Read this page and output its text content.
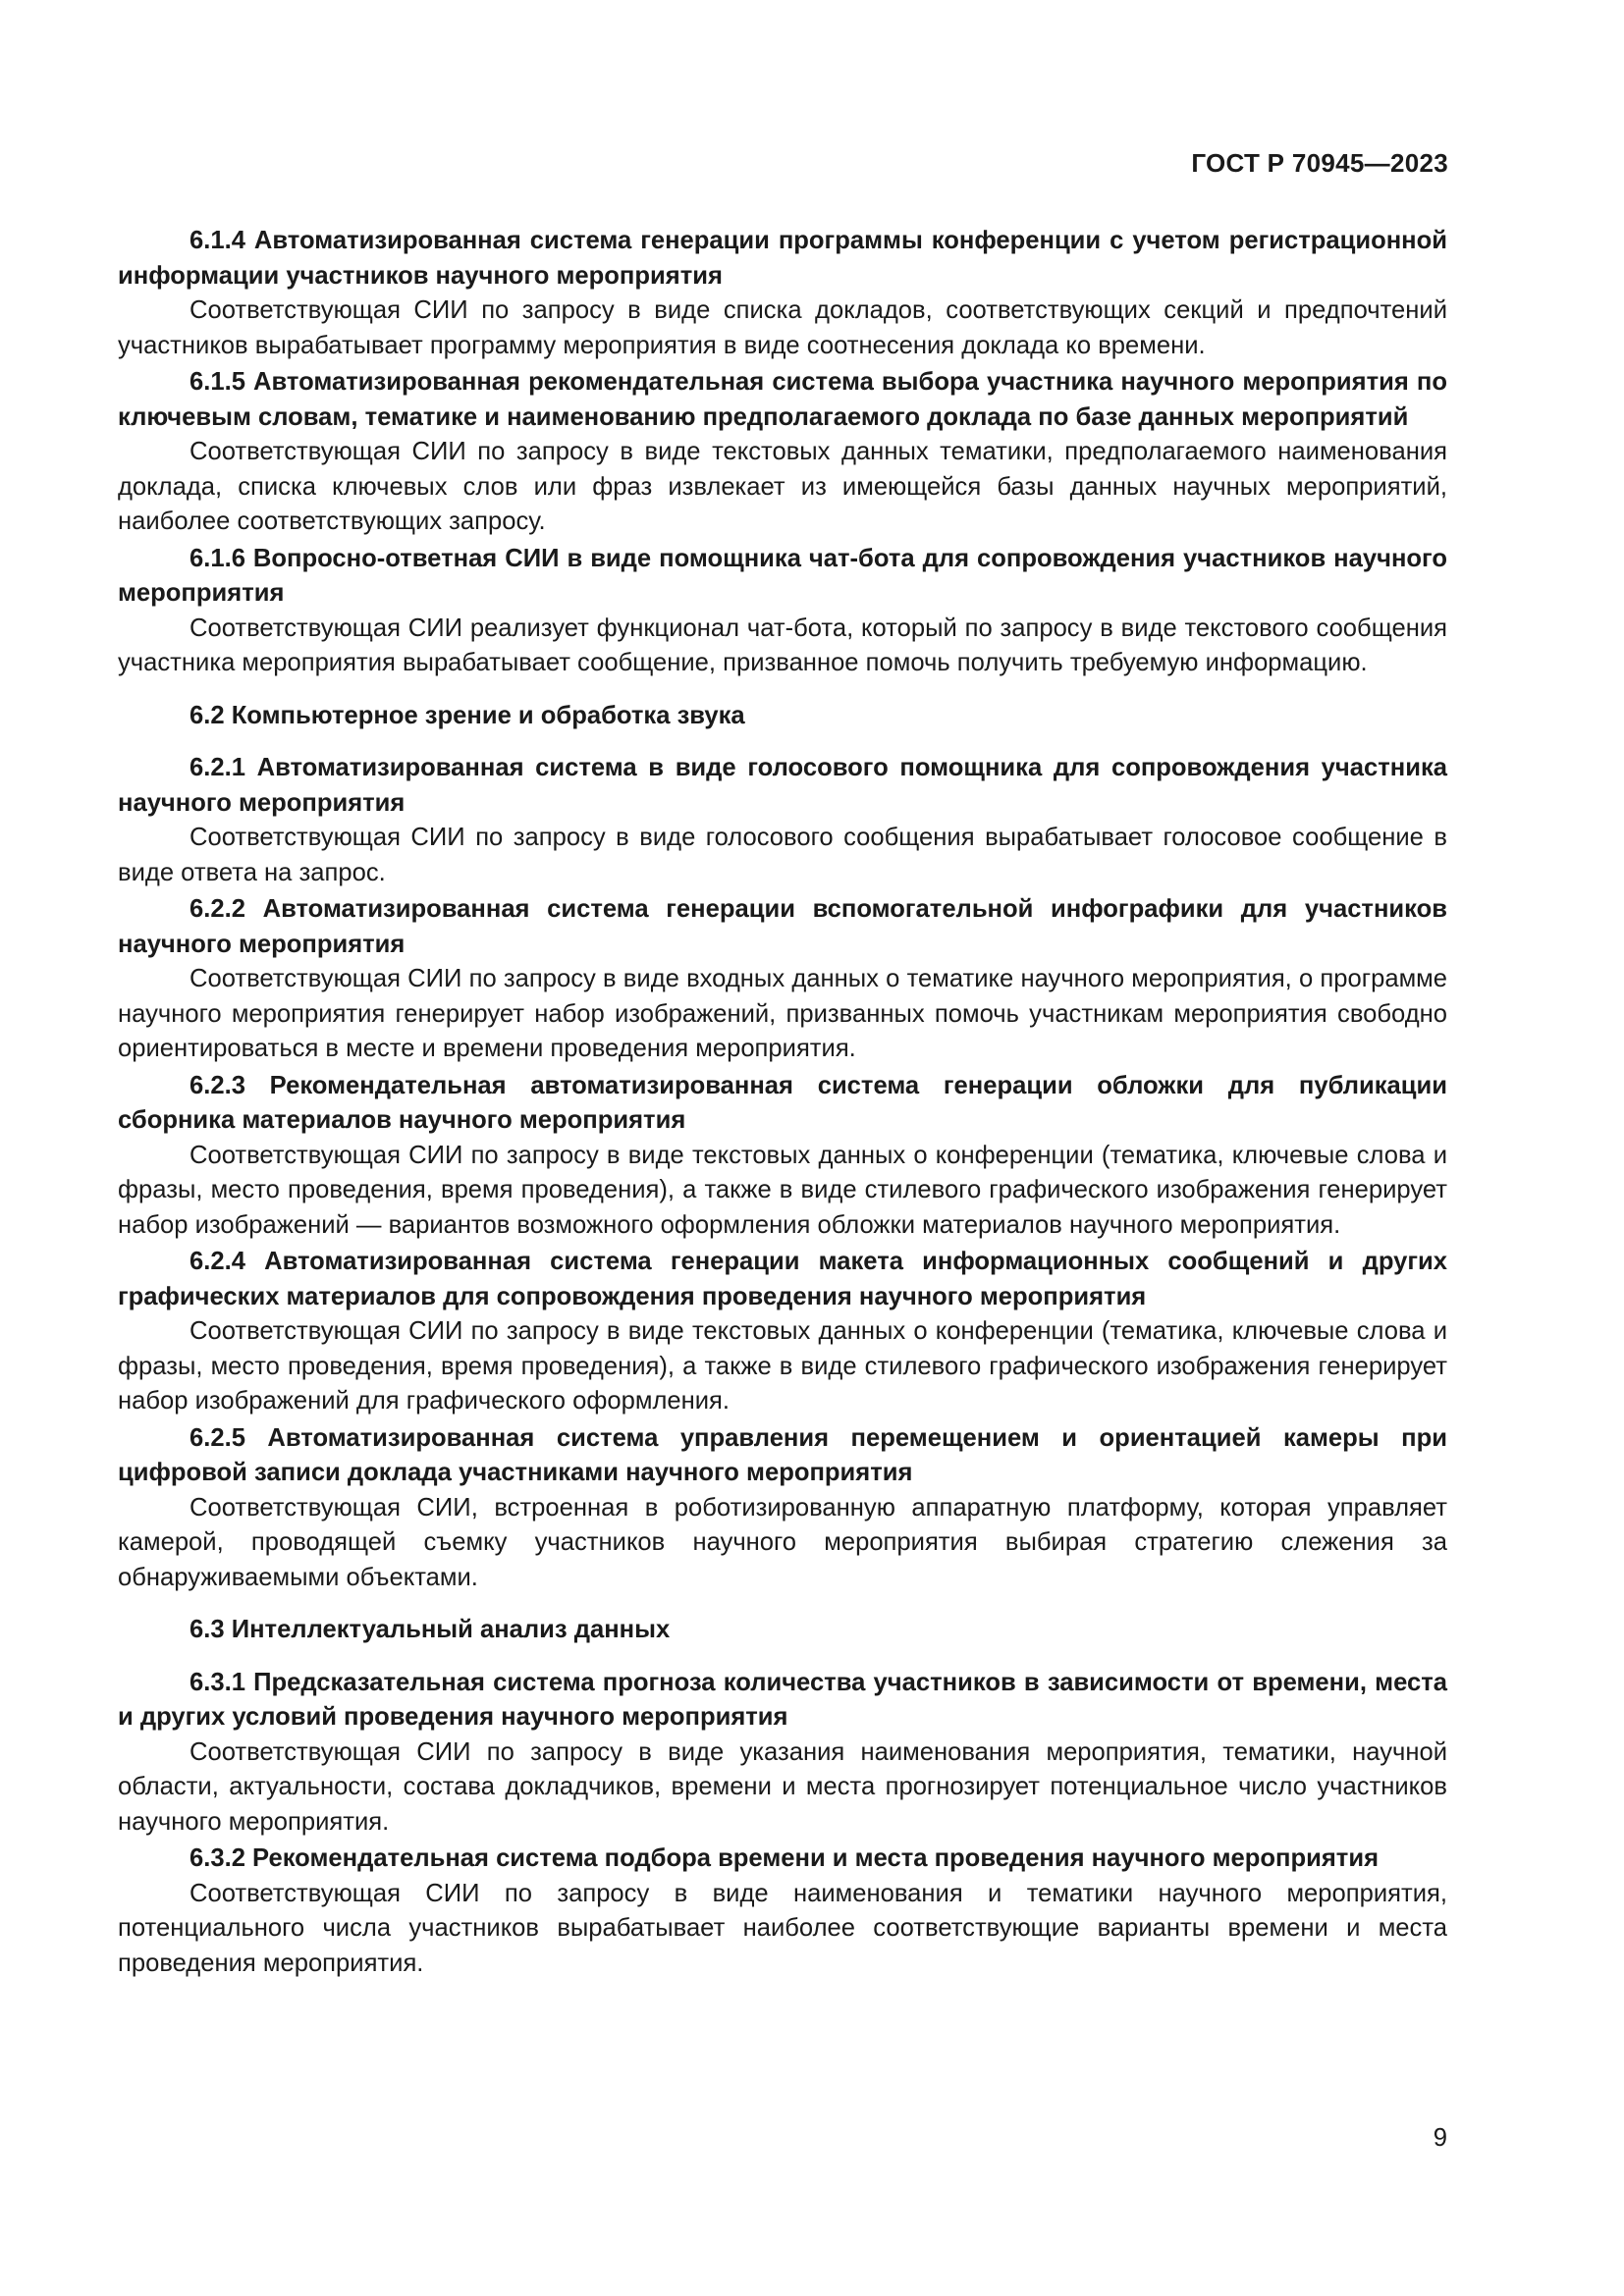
ГОСТ Р 70945—2023

6.1.4 Автоматизированная система генерации программы конференции с учетом регистрационной информации участников научного мероприятия

Соответствующая СИИ по запросу в виде списка докладов, соответствующих секций и предпочтений участников вырабатывает программу мероприятия в виде соотнесения доклада ко времени.

6.1.5 Автоматизированная рекомендательная система выбора участника научного мероприятия по ключевым словам, тематике и наименованию предполагаемого доклада по базе данных мероприятий

Соответствующая СИИ по запросу в виде текстовых данных тематики, предполагаемого наименования доклада, списка ключевых слов или фраз извлекает из имеющейся базы данных научных мероприятий, наиболее соответствующих запросу.

6.1.6 Вопросно-ответная СИИ в виде помощника чат-бота для сопровождения участников научного мероприятия

Соответствующая СИИ реализует функционал чат-бота, который по запросу в виде текстового сообщения участника мероприятия вырабатывает сообщение, призванное помочь получить требуемую информацию.

6.2 Компьютерное зрение и обработка звука

6.2.1 Автоматизированная система в виде голосового помощника для сопровождения участника научного мероприятия

Соответствующая СИИ по запросу в виде голосового сообщения вырабатывает голосовое сообщение в виде ответа на запрос.

6.2.2 Автоматизированная система генерации вспомогательной инфографики для участников научного мероприятия

Соответствующая СИИ по запросу в виде входных данных о тематике научного мероприятия, о программе научного мероприятия генерирует набор изображений, призванных помочь участникам мероприятия свободно ориентироваться в месте и времени проведения мероприятия.

6.2.3 Рекомендательная автоматизированная система генерации обложки для публикации сборника материалов научного мероприятия

Соответствующая СИИ по запросу в виде текстовых данных о конференции (тематика, ключевые слова и фразы, место проведения, время проведения), а также в виде стилевого графического изображения генерирует набор изображений — вариантов возможного оформления обложки материалов научного мероприятия.

6.2.4 Автоматизированная система генерации макета информационных сообщений и других графических материалов для сопровождения проведения научного мероприятия

Соответствующая СИИ по запросу в виде текстовых данных о конференции (тематика, ключевые слова и фразы, место проведения, время проведения), а также в виде стилевого графического изображения генерирует набор изображений для графического оформления.

6.2.5 Автоматизированная система управления перемещением и ориентацией камеры при цифровой записи доклада участниками научного мероприятия

Соответствующая СИИ, встроенная в роботизированную аппаратную платформу, которая управляет камерой, проводящей съемку участников научного мероприятия выбирая стратегию слежения за обнаруживаемыми объектами.

6.3 Интеллектуальный анализ данных

6.3.1 Предсказательная система прогноза количества участников в зависимости от времени, места и других условий проведения научного мероприятия

Соответствующая СИИ по запросу в виде указания наименования мероприятия, тематики, научной области, актуальности, состава докладчиков, времени и места прогнозирует потенциальное число участников научного мероприятия.

6.3.2 Рекомендательная система подбора времени и места проведения научного мероприятия

Соответствующая СИИ по запросу в виде наименования и тематики научного мероприятия, потенциального числа участников вырабатывает наиболее соответствующие варианты времени и места проведения мероприятия.

9
